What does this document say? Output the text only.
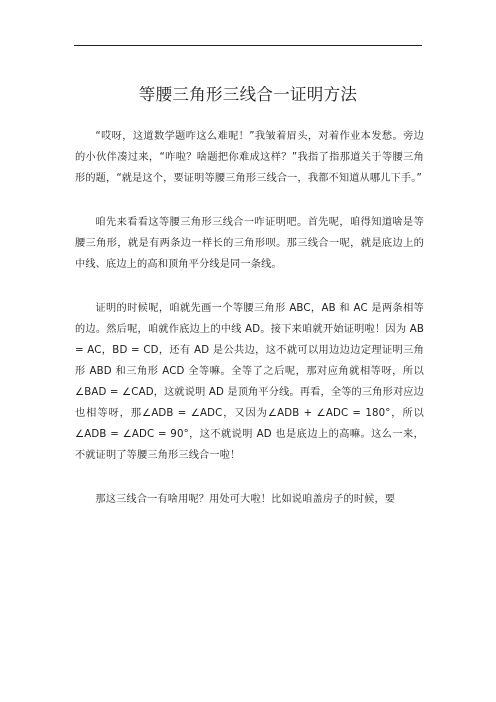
等腰三角形三线合一证明方法

“哎呀，这道数学题咋这么难呢！”我皱着眉头，对着作业本发愁。旁边的小伙伴凑过来，“咋啦？啥题把你难成这样？”我指了指那道关于等腰三角形的题，“就是这个，要证明等腰三角形三线合一，我都不知道从哪儿下手。”

咱先来看看这等腰三角形三线合一咋证明吧。首先呢，咱得知道啥是等腰三角形，就是有两条边一样长的三角形呗。那三线合一呢，就是底边上的中线、底边上的高和顶角平分线是同一条线。

证明的时候呢，咱就先画一个等腰三角形 ABC，AB 和 AC 是两条相等的边。然后呢，咱就作底边上的中线 AD。接下来咱就开始证明啦！因为 AB = AC，BD = CD，还有 AD 是公共边，这不就可以用边边边定理证明三角形 ABD 和三角形 ACD 全等嘛。全等了之后呢，那对应角就相等呀，所以∠BAD = ∠CAD，这就说明 AD 是顶角平分线。再看，全等的三角形对应边也相等呀，那∠ADB = ∠ADC，又因为∠ADB + ∠ADC = 180°，所以∠ADB = ∠ADC = 90°，这不就说明 AD 也是底边上的高嘛。这么一来，不就证明了等腰三角形三线合一啦！

那这三线合一有啥用呢？用处可大啦！比如说咱盖房子的时候，要
